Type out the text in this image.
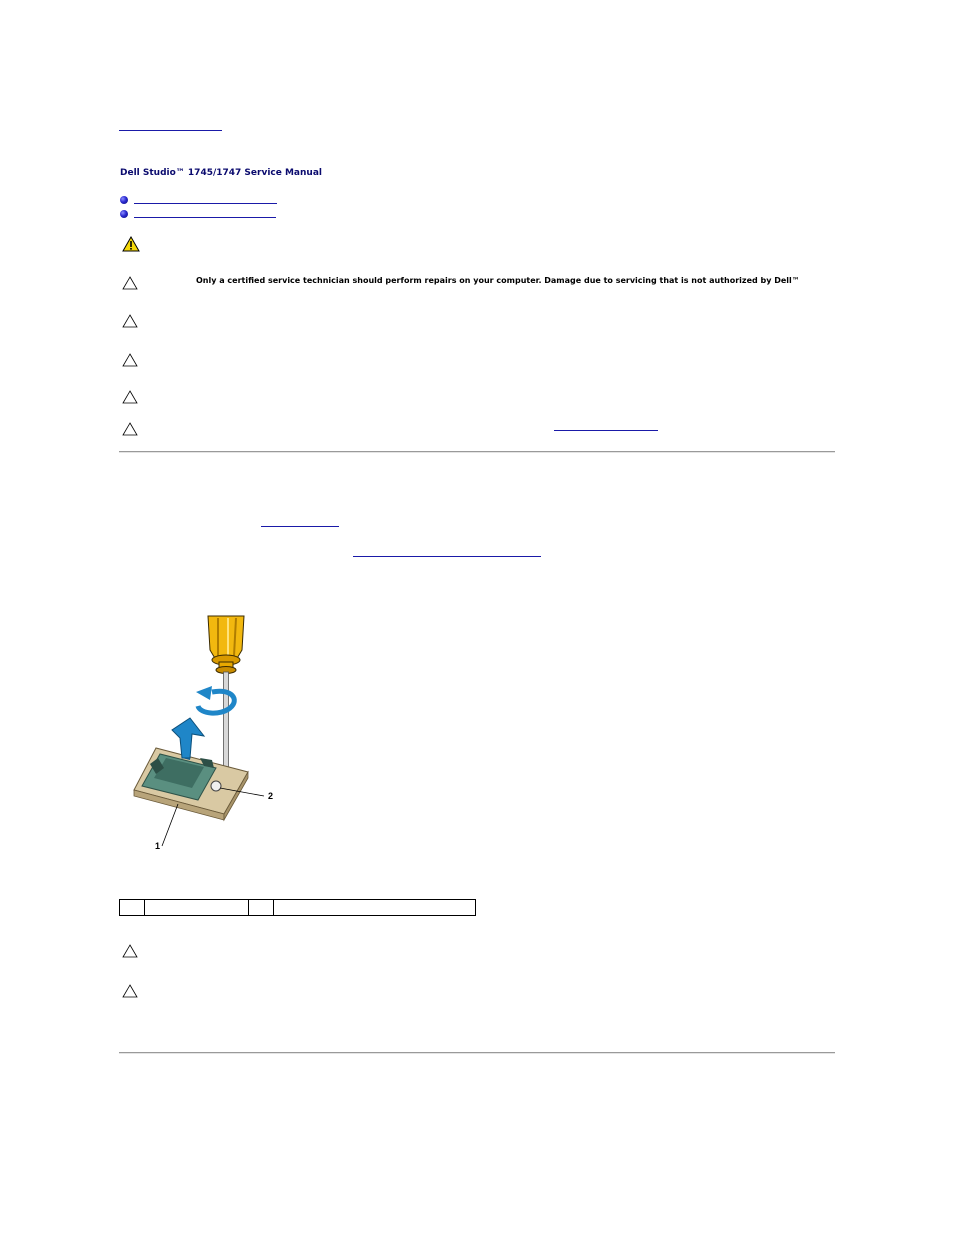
Dell Studio™ 1745/1747 Service Manual
Only a certified service technician should perform repairs on your computer. Damage due to servicing that is not authorized by Dell™
2
1
